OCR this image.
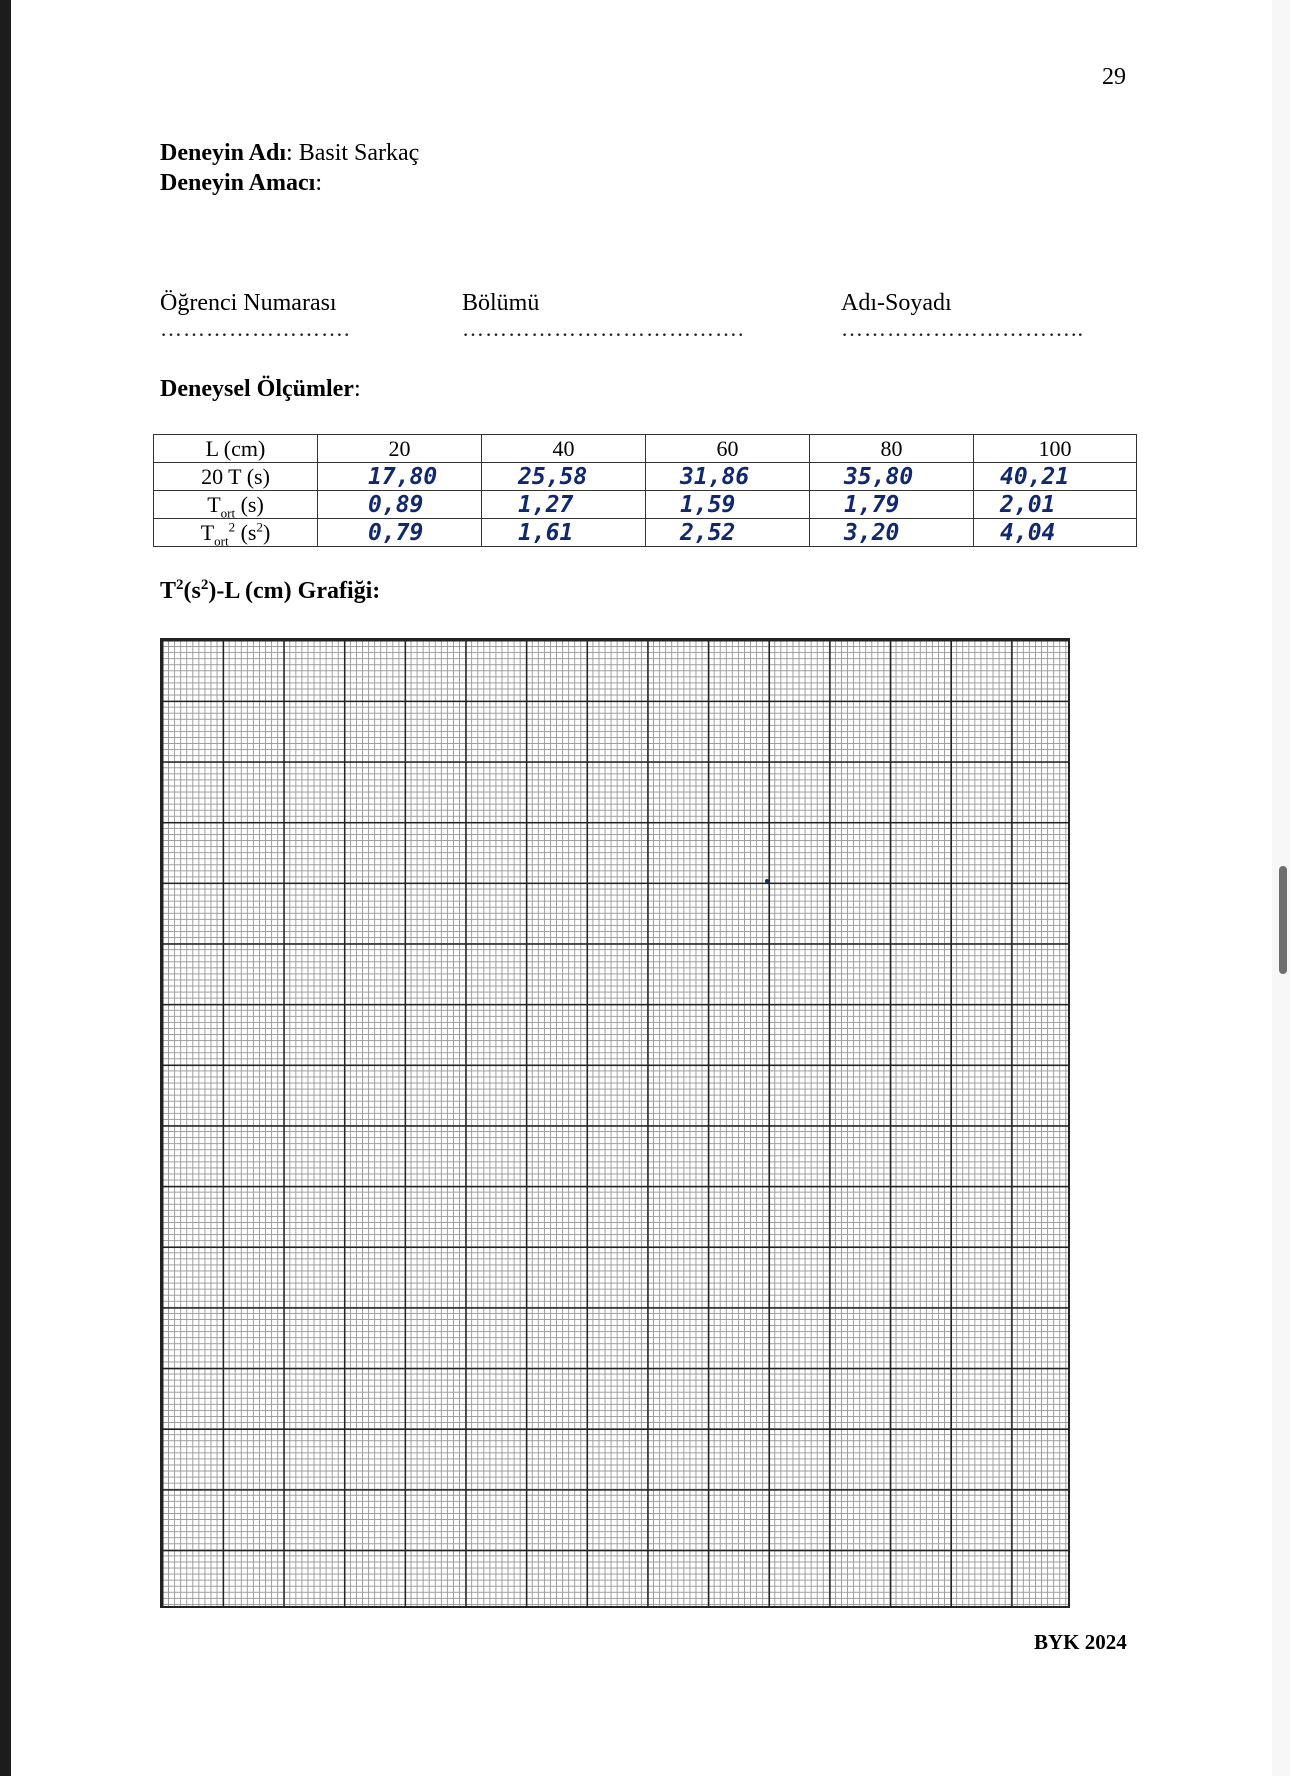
29
Deneyin Adı: Basit Sarkaç
Deneyin Amacı:
Öğrenci Numarası
…………………….
Bölümü
……………………………….
Adı-Soyadı
…………………………..
Deneysel Ölçümler:
L (cm)	20	40	60	80	100
20 T (s)	17,80	25,58	31,86	35,80	40,21
$T_{ort}$ (s)	0,89	1,27	1,59	1,79	2,01
$T_{ort}^2$ $(s^2)$	0,79	1,61	2,52	3,20	4,04
$T^2(s^2)-L$ (cm) Grafiği:
BYK 2024
